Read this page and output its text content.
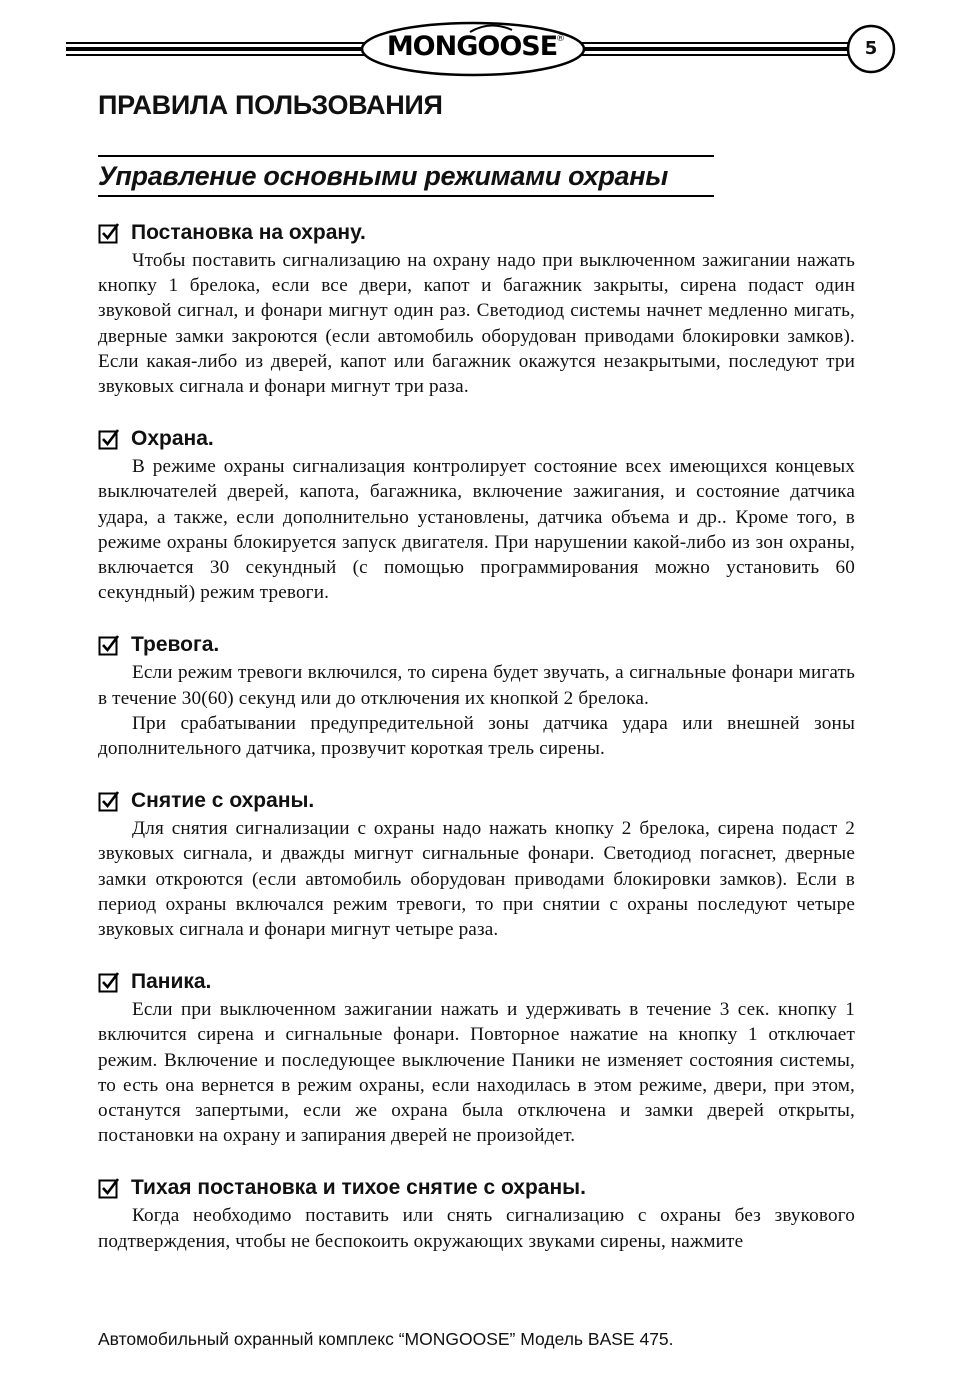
MONGOOSE
®	5
ПРАВИЛА ПОЛЬЗОВАНИЯ
Управление основными режимами охраны
Постановка на охрану.

Чтобы поставить сигнализацию на охрану надо при выключенном зажигании нажать кнопку 1 брелока, если все двери, капот и багажник закрыты, сирена подаст один звуковой сигнал, и фонари мигнут один раз. Светодиод системы начнет медленно мигать, дверные замки закроются (если автомобиль оборудован приводами блокировки замков). Если какая-либо из дверей, капот или багажник окажутся незакрытыми, последуют три звуковых сигнала и фонари мигнут три раза.

Охрана.

В режиме охраны сигнализация контролирует состояние всех имеющихся концевых выключателей дверей, капота, багажника, включение зажигания, и состояние датчика удара, а также, если дополнительно установлены, датчика объема и др.. Кроме того, в режиме охраны блокируется запуск двигателя. При нарушении какой-либо из зон охраны, включается 30 секундный (с помощью программирования можно установить 60 секундный) режим тревоги.

Тревога.

Если режим тревоги включился, то сирена будет звучать, а сигнальные фонари мигать в течение 30(60) секунд или до отключения их кнопкой 2 брелока.

При срабатывании предупредительной зоны датчика удара или внешней зоны дополнительного датчика, прозвучит короткая трель сирены.

Снятие с охраны.

Для снятия сигнализации с охраны надо нажать кнопку 2 брелока, сирена подаст 2 звуковых сигнала, и дважды мигнут сигнальные фонари. Светодиод погаснет, дверные замки откроются (если автомобиль оборудован приводами блокировки замков). Если в период охраны включался режим тревоги, то при снятии с охраны последуют четыре звуковых сигнала и фонари мигнут четыре раза.

Паника.

Если при выключенном зажигании нажать и удерживать в течение 3 сек. кнопку 1 включится сирена и сигнальные фонари. Повторное нажатие на кнопку 1 отключает режим. Включение и последующее выключение Паники не изменяет состояния системы, то есть она вернется в режим охраны, если находилась в этом режиме, двери, при этом, останутся запертыми, если же охрана была отключена и замки дверей открыты, постановки на охрану и запирания дверей не произойдет.

Тихая постановка и тихое снятие с охраны.

Когда необходимо поставить или снять сигнализацию с охраны без звукового подтверждения, чтобы не беспокоить окружающих звуками сирены, нажмите

Автомобильный охранный комплекс “MONGOOSE” Модель BASE 475.
